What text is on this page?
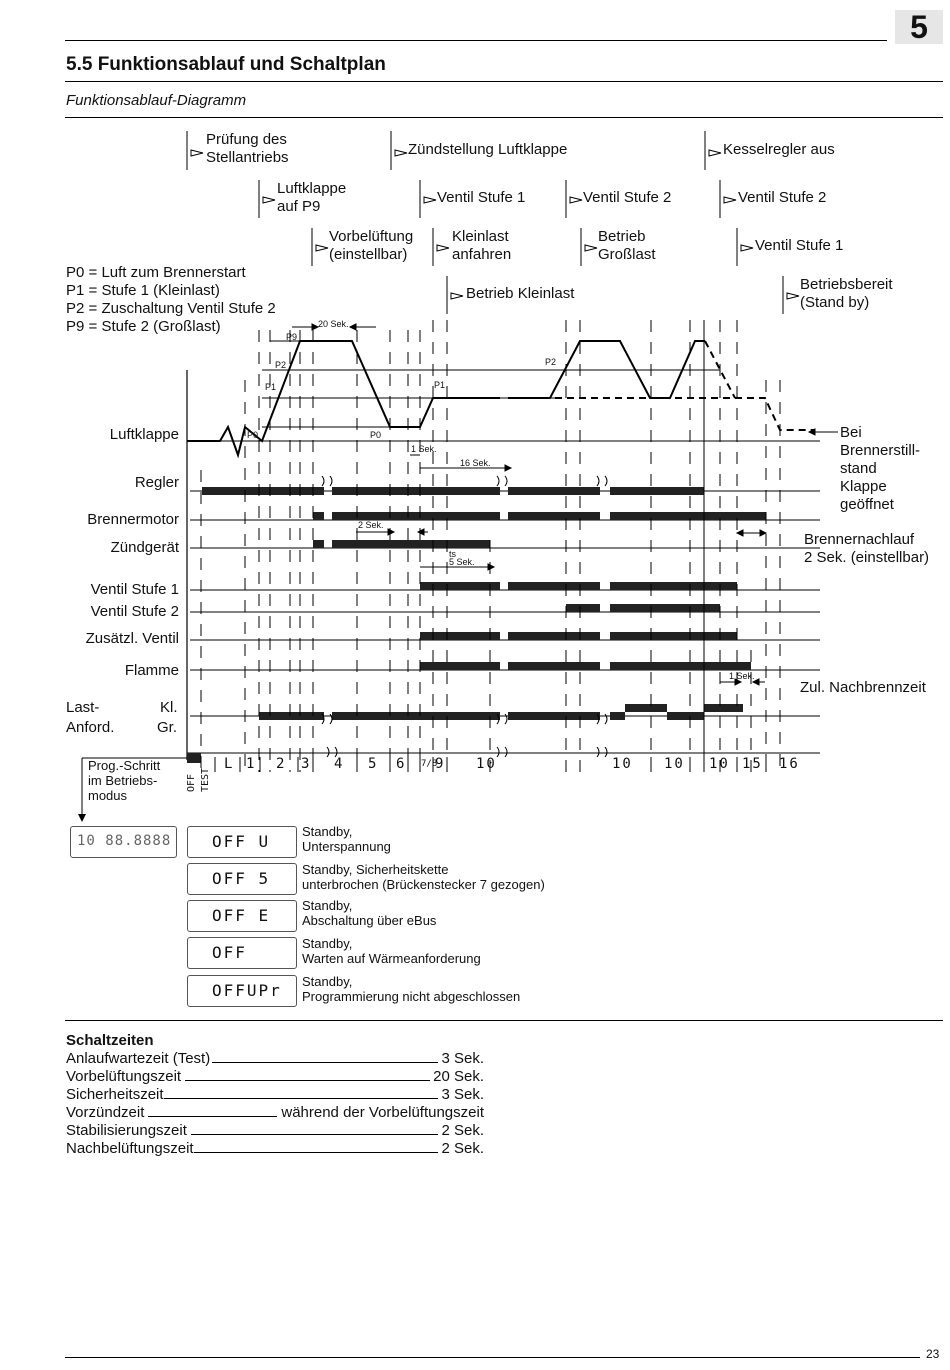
5
5.5 Funktionsablauf und Schaltplan
Funktionsablauf-Diagramm
Prüfung des
Stellantriebs	Zündstellung Luftklappe	Kesselregler aus
Luftklappe
auf P9
Ventil Stufe 1	Ventil Stufe 2	Ventil Stufe 2
Vorbelüftung
(einstellbar)
Kleinlast
anfahren
Betrieb
Großlast
Ventil Stufe 1
Betrieb Kleinlast
Betriebsbereit
(Stand by)
P0 = Luft zum Brennerstart
P1 = Stufe 1 (Kleinlast)
P2 = Zuschaltung Ventil Stufe 2
P9 = Stufe 2 (Großlast)
P9
P2
P1
P0	P0
P1
P2
20 Sek.
1 Sek.
16 Sek.
2 Sek.
ts
5 Sek.
1 Sek.
Luftklappe
Regler
Brennermotor
Zündgerät
Ventil Stufe 1
Ventil Stufe 2
Zusätzl. Ventil
Flamme
Last-
Anford.
Kl.
Gr.
Bei
Brennerstill-
stand
Klappe
geöffnet
Brennernachlauf
2 Sek. (einstellbar)
Zul. Nachbrennzeit
OFF TEST
L 1 2 3 4 5 6 7/8
9 10	10 10 10 15 16
Prog.-Schritt
im Betriebs-
modus
10 88.8888	OFF U
Standby,
Unterspannung
OFF 5 Standby, Sicherheitskette
unterbrochen (Brückenstecker 7 gezogen)
OFF E
Standby,
Abschaltung über eBus
OFF	Standby,
Warten auf Wärmeanforderung
OFFUPr Standby,
Programmierung nicht abgeschlossen
Schaltzeiten
Anlaufwartezeit (Test)	3 Sek.
Vorbelüftungszeit	20 Sek.
Sicherheitszeit	3 Sek.
Vorzündzeit	während der Vorbelüftungszeit
Stabilisierungszeit	2 Sek.
Nachbelüftungszeit	2 Sek.
23
